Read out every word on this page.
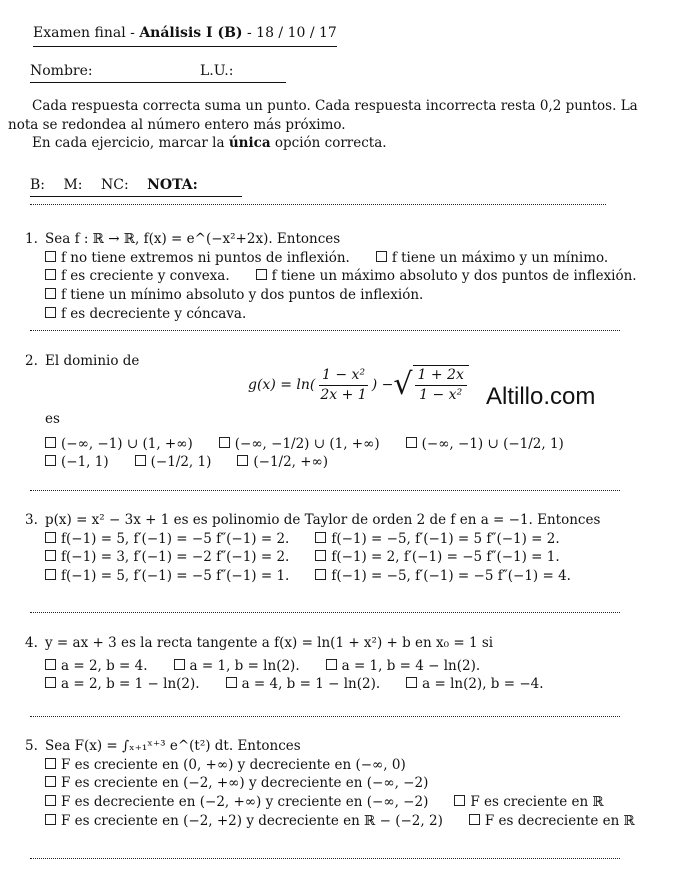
Examen final - Análisis I (B) - 18 / 10 / 17
Nombre:	L.U.:

Cada respuesta correcta suma un punto. Cada respuesta incorrecta resta 0,2 puntos. La nota se redondea al número entero más próximo.

En cada ejercicio, marcar la única opción correcta.

B: M: NC: NOTA:

1. Sea f : ℝ → ℝ, f(x) = e^(−x²+2x). Entonces

f no tiene extremos ni puntos de inflexión.	f tiene un máximo y un mínimo.
f es creciente y convexa.	f tiene un máximo absoluto y dos puntos de inflexión.
f tiene un mínimo absoluto y dos puntos de inflexión.f es decreciente y cóncava.

2. El dominio de

$g(x) = \ln( \frac{\text{1 − x²}}{2x + 1}$ ) − √ $\frac{1 + 2x}{\text{1 − x²}}$ Altillo.com

es

(−∞, −1) ∪ (1, +∞)	(−∞, −1/2) ∪ (1, +∞)	(−∞, −1) ∪ (−1/2, 1)
(−1, 1)	(−1/2, 1)	(−1/2, +∞)

3. p(x) = x² − 3x + 1 es es polinomio de Taylor de orden 2 de f en a = −1. Entonces

f(−1) = 5, f′(−1) = −5 f″(−1) = 2.	f(−1) = −5, f′(−1) = 5 f″(−1) = 2.
f(−1) = 3, f′(−1) = −2 f″(−1) = 2.	f(−1) = 2, f′(−1) = −5 f″(−1) = 1.
f(−1) = 5, f′(−1) = −5 f″(−1) = 1.	f(−1) = −5, f′(−1) = −5 f″(−1) = 4.

4. y = ax + 3 es la recta tangente a f(x) = ln(1 + x²) + b en x₀ = 1 si

a = 2, b = 4.	a = 1, b = ln(2).	a = 1, b = 4 − ln(2).
a = 2, b = 1 − ln(2).	a = 4, b = 1 − ln(2).	a = ln(2), b = −4.

5. Sea F(x) = ∫ₓ₊₁ˣ⁺³ e^(t²) dt. Entonces

F es creciente en (0, +∞) y decreciente en (−∞, 0)
F es creciente en (−2, +∞) y decreciente en (−∞, −2)
F es decreciente en (−2, +∞) y creciente en (−∞, −2)	F es creciente en ℝ
F es creciente en (−2, +2) y decreciente en ℝ − (−2, 2)	F es decreciente en ℝ
